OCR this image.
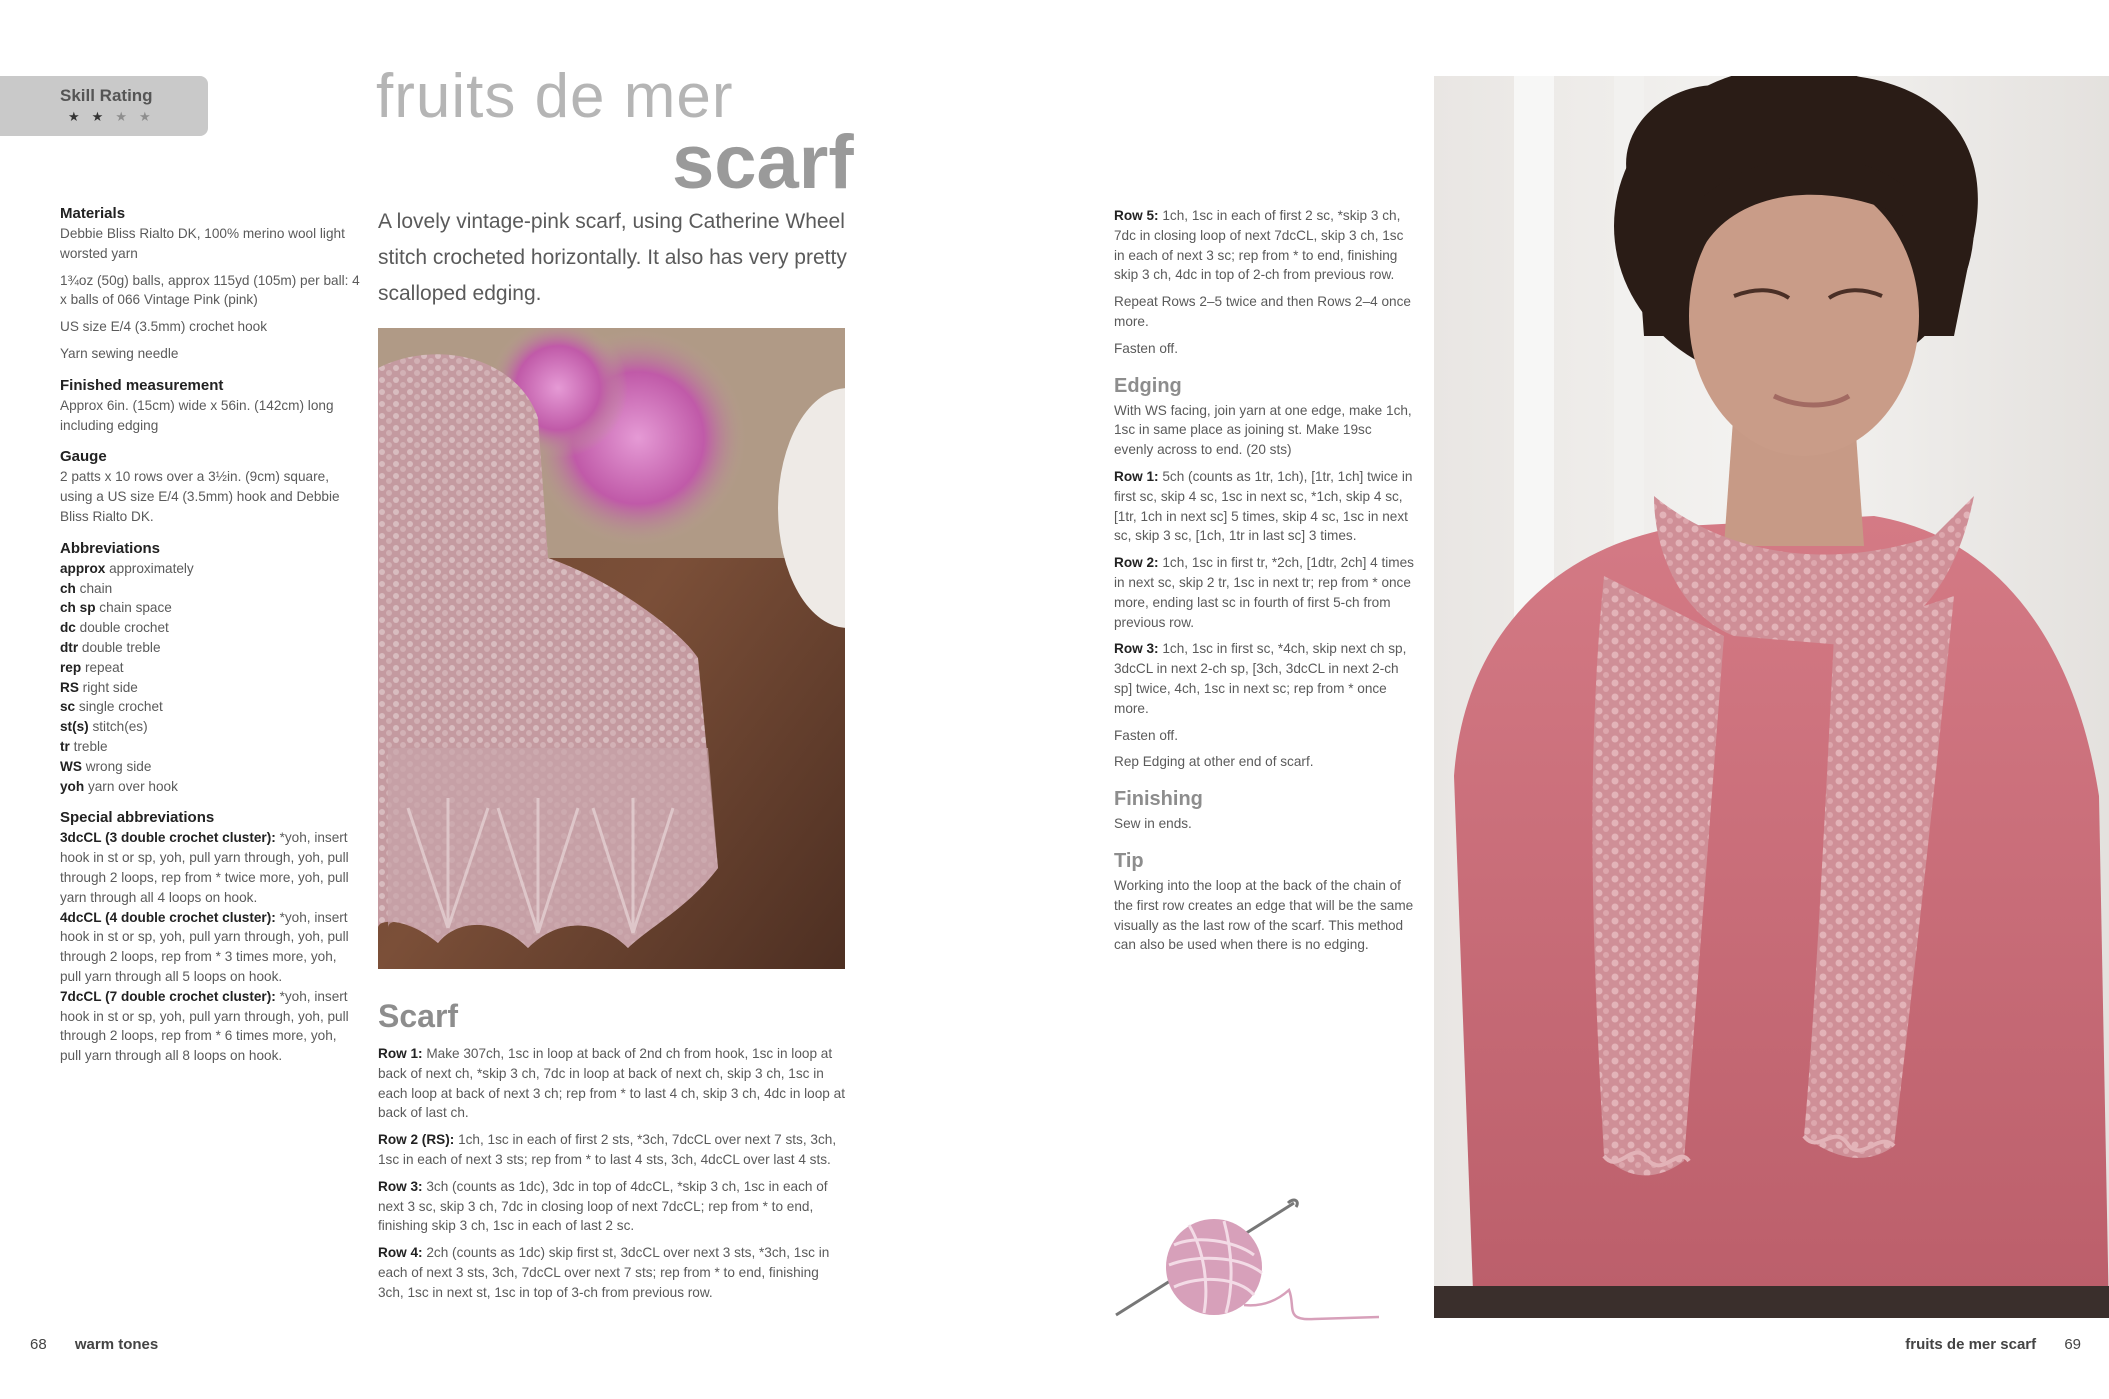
Skill Rating
★★★★
Materials

Debbie Bliss Rialto DK, 100% merino wool light worsted yarn

1¾oz (50g) balls, approx 115yd (105m) per ball: 4 x balls of 066 Vintage Pink (pink)

US size E/4 (3.5mm) crochet hook

Yarn sewing needle

Finished measurement

Approx 6in. (15cm) wide x 56in. (142cm) long including edging

Gauge

2 patts x 10 rows over a 3½in. (9cm) square, using a US size E/4 (3.5mm) hook and Debbie Bliss Rialto DK.

Abbreviations
approx approximately
ch chain
ch sp chain space
dc double crochet
dtr double treble
rep repeat
RS right side
sc single crochet
st(s) stitch(es)
tr treble
WS wrong side
yoh yarn over hook
Special abbreviations
3dcCL (3 double crochet cluster): *yoh, insert hook in st or sp, yoh, pull yarn through, yoh, pull through 2 loops, rep from * twice more, yoh, pull yarn through all 4 loops on hook.
4dcCL (4 double crochet cluster): *yoh, insert hook in st or sp, yoh, pull yarn through, yoh, pull through 2 loops, rep from * 3 times more, yoh, pull yarn through all 5 loops on hook.
7dcCL (7 double crochet cluster): *yoh, insert hook in st or sp, yoh, pull yarn through, yoh, pull through 2 loops, rep from * 6 times more, yoh, pull yarn through all 8 loops on hook.
fruits de mer
scarf
A lovely vintage-pink scarf, using Catherine Wheel stitch crocheted horizontally. It also has very pretty scalloped edging.
Scarf

Row 1: Make 307ch, 1sc in loop at back of 2nd ch from hook, 1sc in loop at back of next ch, *skip 3 ch, 7dc in loop at back of next ch, skip 3 ch, 1sc in each loop at back of next 3 ch; rep from * to last 4 ch, skip 3 ch, 4dc in loop at back of last ch.

Row 2 (RS): 1ch, 1sc in each of first 2 sts, *3ch, 7dcCL over next 7 sts, 3ch, 1sc in each of next 3 sts; rep from * to last 4 sts, 3ch, 4dcCL over last 4 sts.

Row 3: 3ch (counts as 1dc), 3dc in top of 4dcCL, *skip 3 ch, 1sc in each of next 3 sc, skip 3 ch, 7dc in closing loop of next 7dcCL; rep from * to end, finishing skip 3 ch, 1sc in each of last 2 sc.

Row 4: 2ch (counts as 1dc) skip first st, 3dcCL over next 3 sts, *3ch, 1sc in each of next 3 sts, 3ch, 7dcCL over next 7 sts; rep from * to end, finishing 3ch, 1sc in next st, 1sc in top of 3-ch from previous row.

Row 5: 1ch, 1sc in each of first 2 sc, *skip 3 ch, 7dc in closing loop of next 7dcCL, skip 3 ch, 1sc in each of next 3 sc; rep from * to end, finishing skip 3 ch, 4dc in top of 2-ch from previous row.

Repeat Rows 2–5 twice and then Rows 2–4 once more.

Fasten off.

Edging

With WS facing, join yarn at one edge, make 1ch, 1sc in same place as joining st. Make 19sc evenly across to end. (20 sts)

Row 1: 5ch (counts as 1tr, 1ch), [1tr, 1ch] twice in first sc, skip 4 sc, 1sc in next sc, *1ch, skip 4 sc, [1tr, 1ch in next sc] 5 times, skip 4 sc, 1sc in next sc, skip 3 sc, [1ch, 1tr in last sc] 3 times.

Row 2: 1ch, 1sc in first tr, *2ch, [1dtr, 2ch] 4 times in next sc, skip 2 tr, 1sc in next tr; rep from * once more, ending last sc in fourth of first 5-ch from previous row.

Row 3: 1ch, 1sc in first sc, *4ch, skip next ch sp, 3dcCL in next 2-ch sp, [3ch, 3dcCL in next 2-ch sp] twice, 4ch, 1sc in next sc; rep from * once more.

Fasten off.

Rep Edging at other end of scarf.

Finishing

Sew in ends.

Tip

Working into the loop at the back of the chain of the first row creates an edge that will be the same visually as the last row of the scarf. This method can also be used when there is no edging.

68 warm tones	fruits de mer scarf 69
